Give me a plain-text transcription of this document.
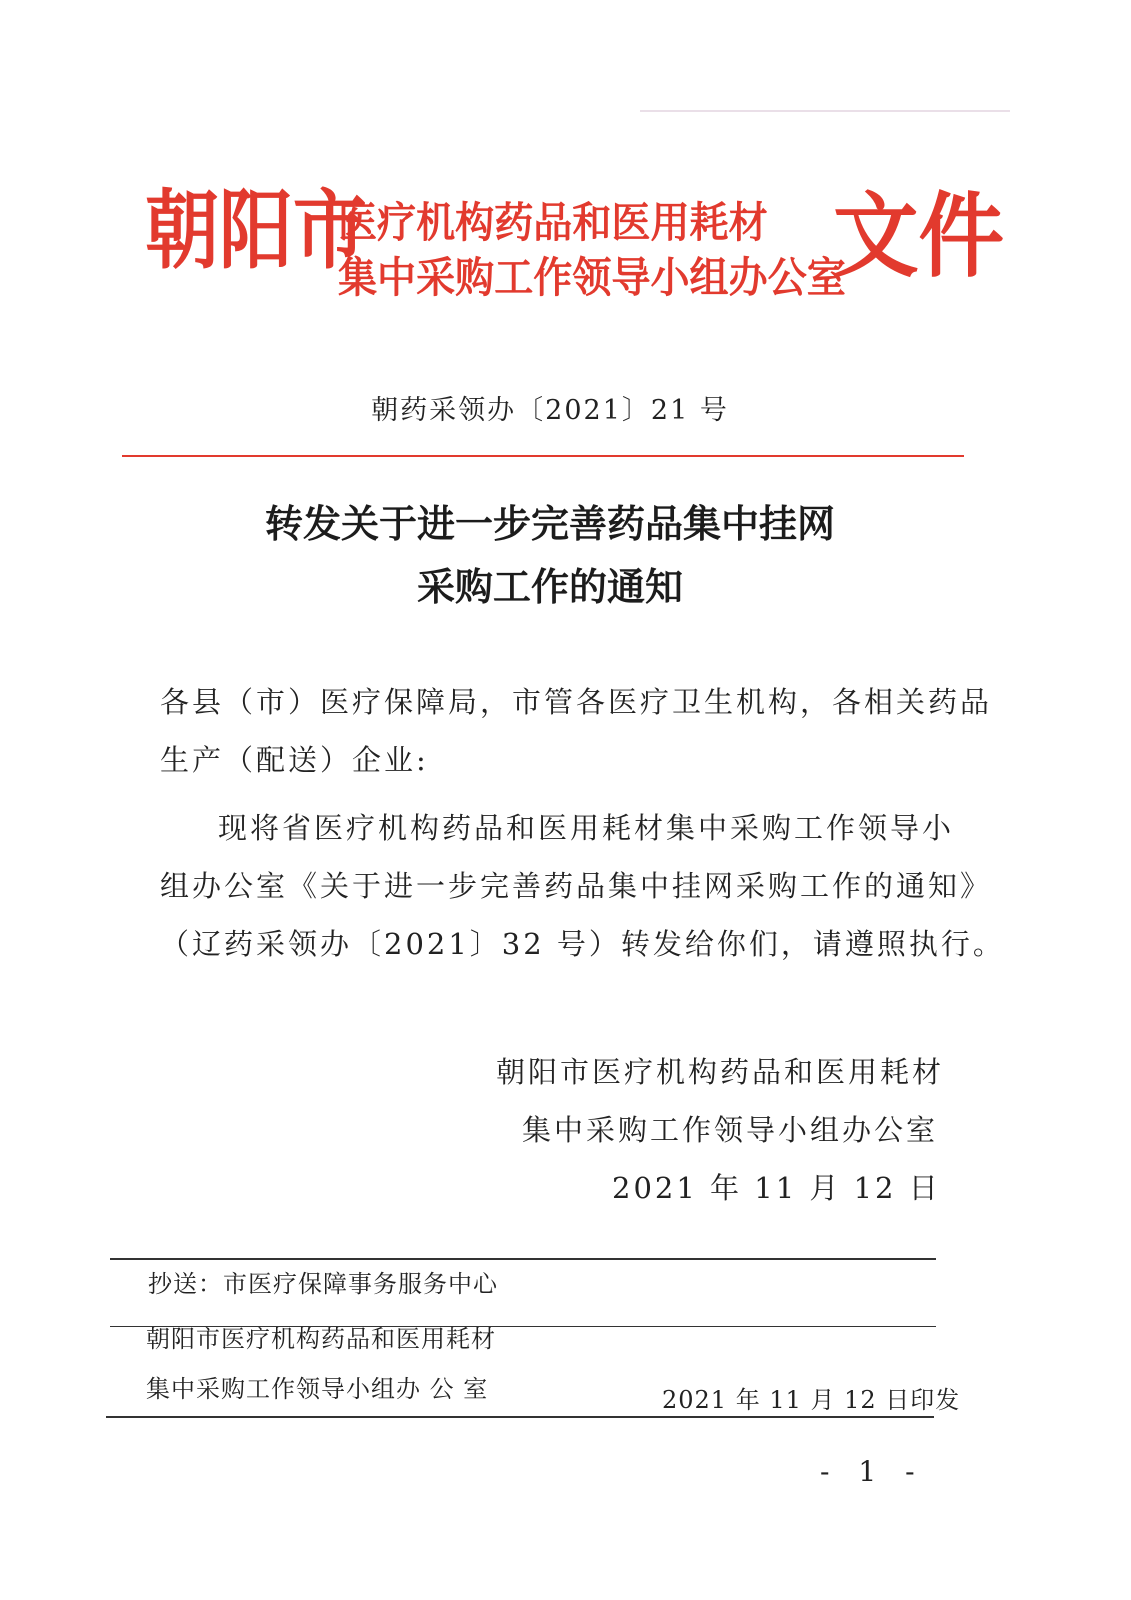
朝阳市
医疗机构药品和医用耗材
集中采购工作领导小组办公室
文件
朝药采领办〔2021〕21 号
转发关于进一步完善药品集中挂网
采购工作的通知
各县（市）医疗保障局，市管各医疗卫生机构，各相关药品
生产（配送）企业:
现将省医疗机构药品和医用耗材集中采购工作领导小
组办公室《关于进一步完善药品集中挂网采购工作的通知》
（辽药采领办〔2021〕32 号）转发给你们，请遵照执行。
朝阳市医疗机构药品和医用耗材
集中采购工作领导小组办公室
2021 年 11 月 12 日
抄送：市医疗保障事务服务中心
朝阳市医疗机构药品和医用耗材
集中采购工作领导小组办 公 室	2021 年 11 月 12 日印发
- 1 -
